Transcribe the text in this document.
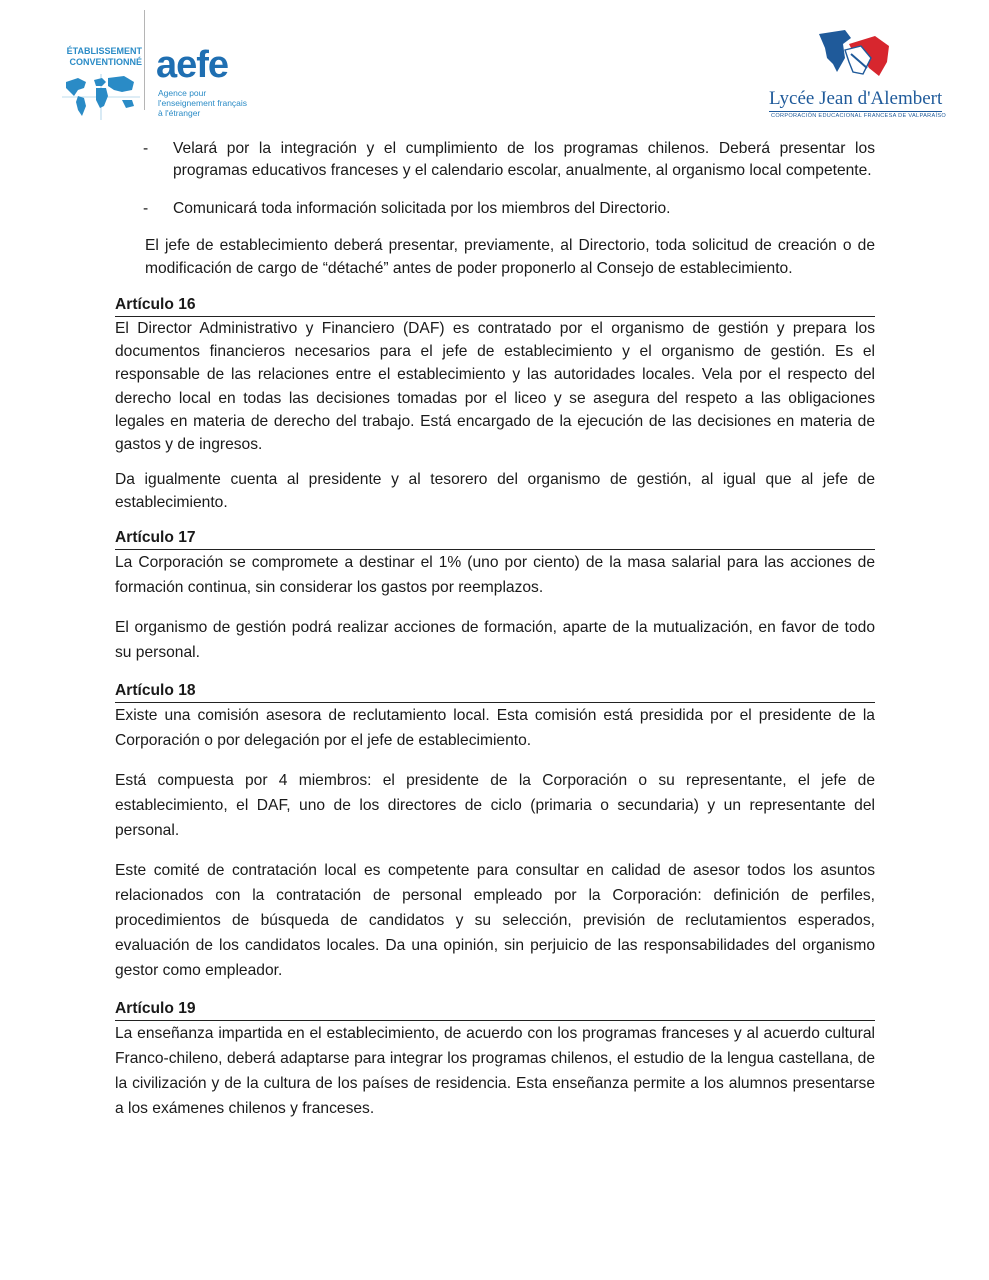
ÉTABLISSEMENT
CONVENTIONNÉ aefe
Agence pour
l'enseignement français
à l'étranger
Lycée Jean d'Alembert
CORPORACIÓN EDUCACIONAL FRANCESA DE VALPARAÍSO
- Velará por la integración y el cumplimiento de los programas chilenos. Deberá presentar los programas educativos franceses y el calendario escolar, anualmente, al organismo local competente.
- Comunicará toda información solicitada por los miembros del Directorio.

El jefe de establecimiento deberá presentar, previamente, al Directorio, toda solicitud de creación o de modificación de cargo de “détaché” antes de poder proponerlo al Consejo de establecimiento.

Artículo 16

El Director Administrativo y Financiero (DAF) es contratado por el organismo de gestión y prepara los documentos financieros necesarios para el jefe de establecimiento y el organismo de gestión. Es el responsable de las relaciones entre el establecimiento y las autoridades locales. Vela por el respecto del derecho local en todas las decisiones tomadas por el liceo y se asegura del respeto a las obligaciones legales en materia de derecho del trabajo. Está encargado de la ejecución de las decisiones en materia de gastos y de ingresos.

Da igualmente cuenta al presidente y al tesorero del organismo de gestión, al igual que al jefe de establecimiento.

Artículo 17

La Corporación se compromete a destinar el 1% (uno por ciento) de la masa salarial para las acciones de formación continua, sin considerar los gastos por reemplazos.

El organismo de gestión podrá realizar acciones de formación, aparte de la mutualización, en favor de todo su personal.

Artículo 18

Existe una comisión asesora de reclutamiento local. Esta comisión está presidida por el presidente de la Corporación o por delegación por el jefe de establecimiento.

Está compuesta por 4 miembros: el presidente de la Corporación o su representante, el jefe de establecimiento, el DAF, uno de los directores de ciclo (primaria o secundaria) y un representante del personal.

Este comité de contratación local es competente para consultar en calidad de asesor todos los asuntos relacionados con la contratación de personal empleado por la Corporación: definición de perfiles, procedimientos de búsqueda de candidatos y su selección, previsión de reclutamientos esperados, evaluación de los candidatos locales. Da una opinión, sin perjuicio de las responsabilidades del organismo gestor como empleador.

Artículo 19

La enseñanza impartida en el establecimiento, de acuerdo con los programas franceses y al acuerdo cultural Franco-chileno, deberá adaptarse para integrar los programas chilenos, el estudio de la lengua castellana, de la civilización y de la cultura de los países de residencia. Esta enseñanza permite a los alumnos presentarse a los exámenes chilenos y franceses.
